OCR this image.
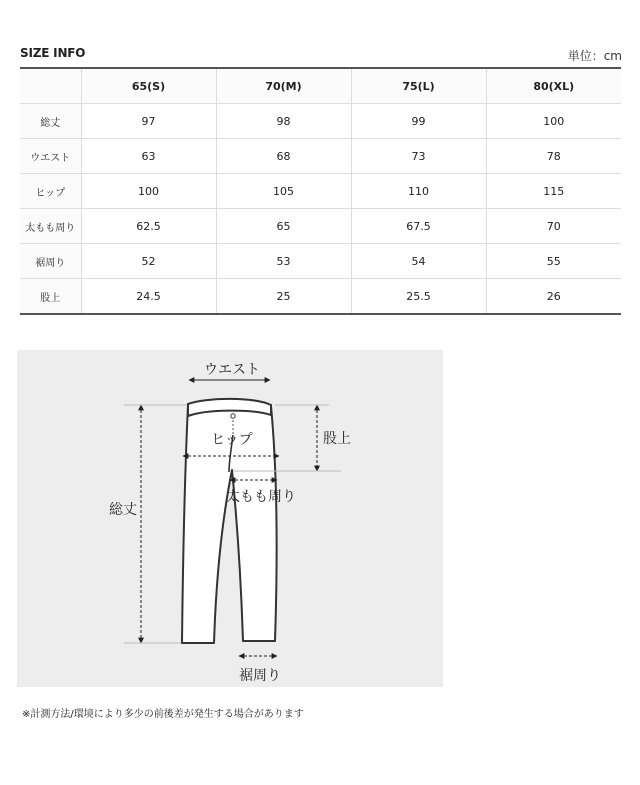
SIZE INFO	単位：cm
	65(S)	70(M)	75(L)	80(XL)
総丈	97	98	99	100
ウエスト	63	68	73	78
ヒップ	100	105	110	115
太もも周り	62.5	65	67.5	70
裾周り	52	53	54	55
股上	24.5	25	25.5	26
ウエスト
ヒップ	股上
総丈
太もも周り
裾周り
※計測方法/環境により多少の前後差が発生する場合があります
